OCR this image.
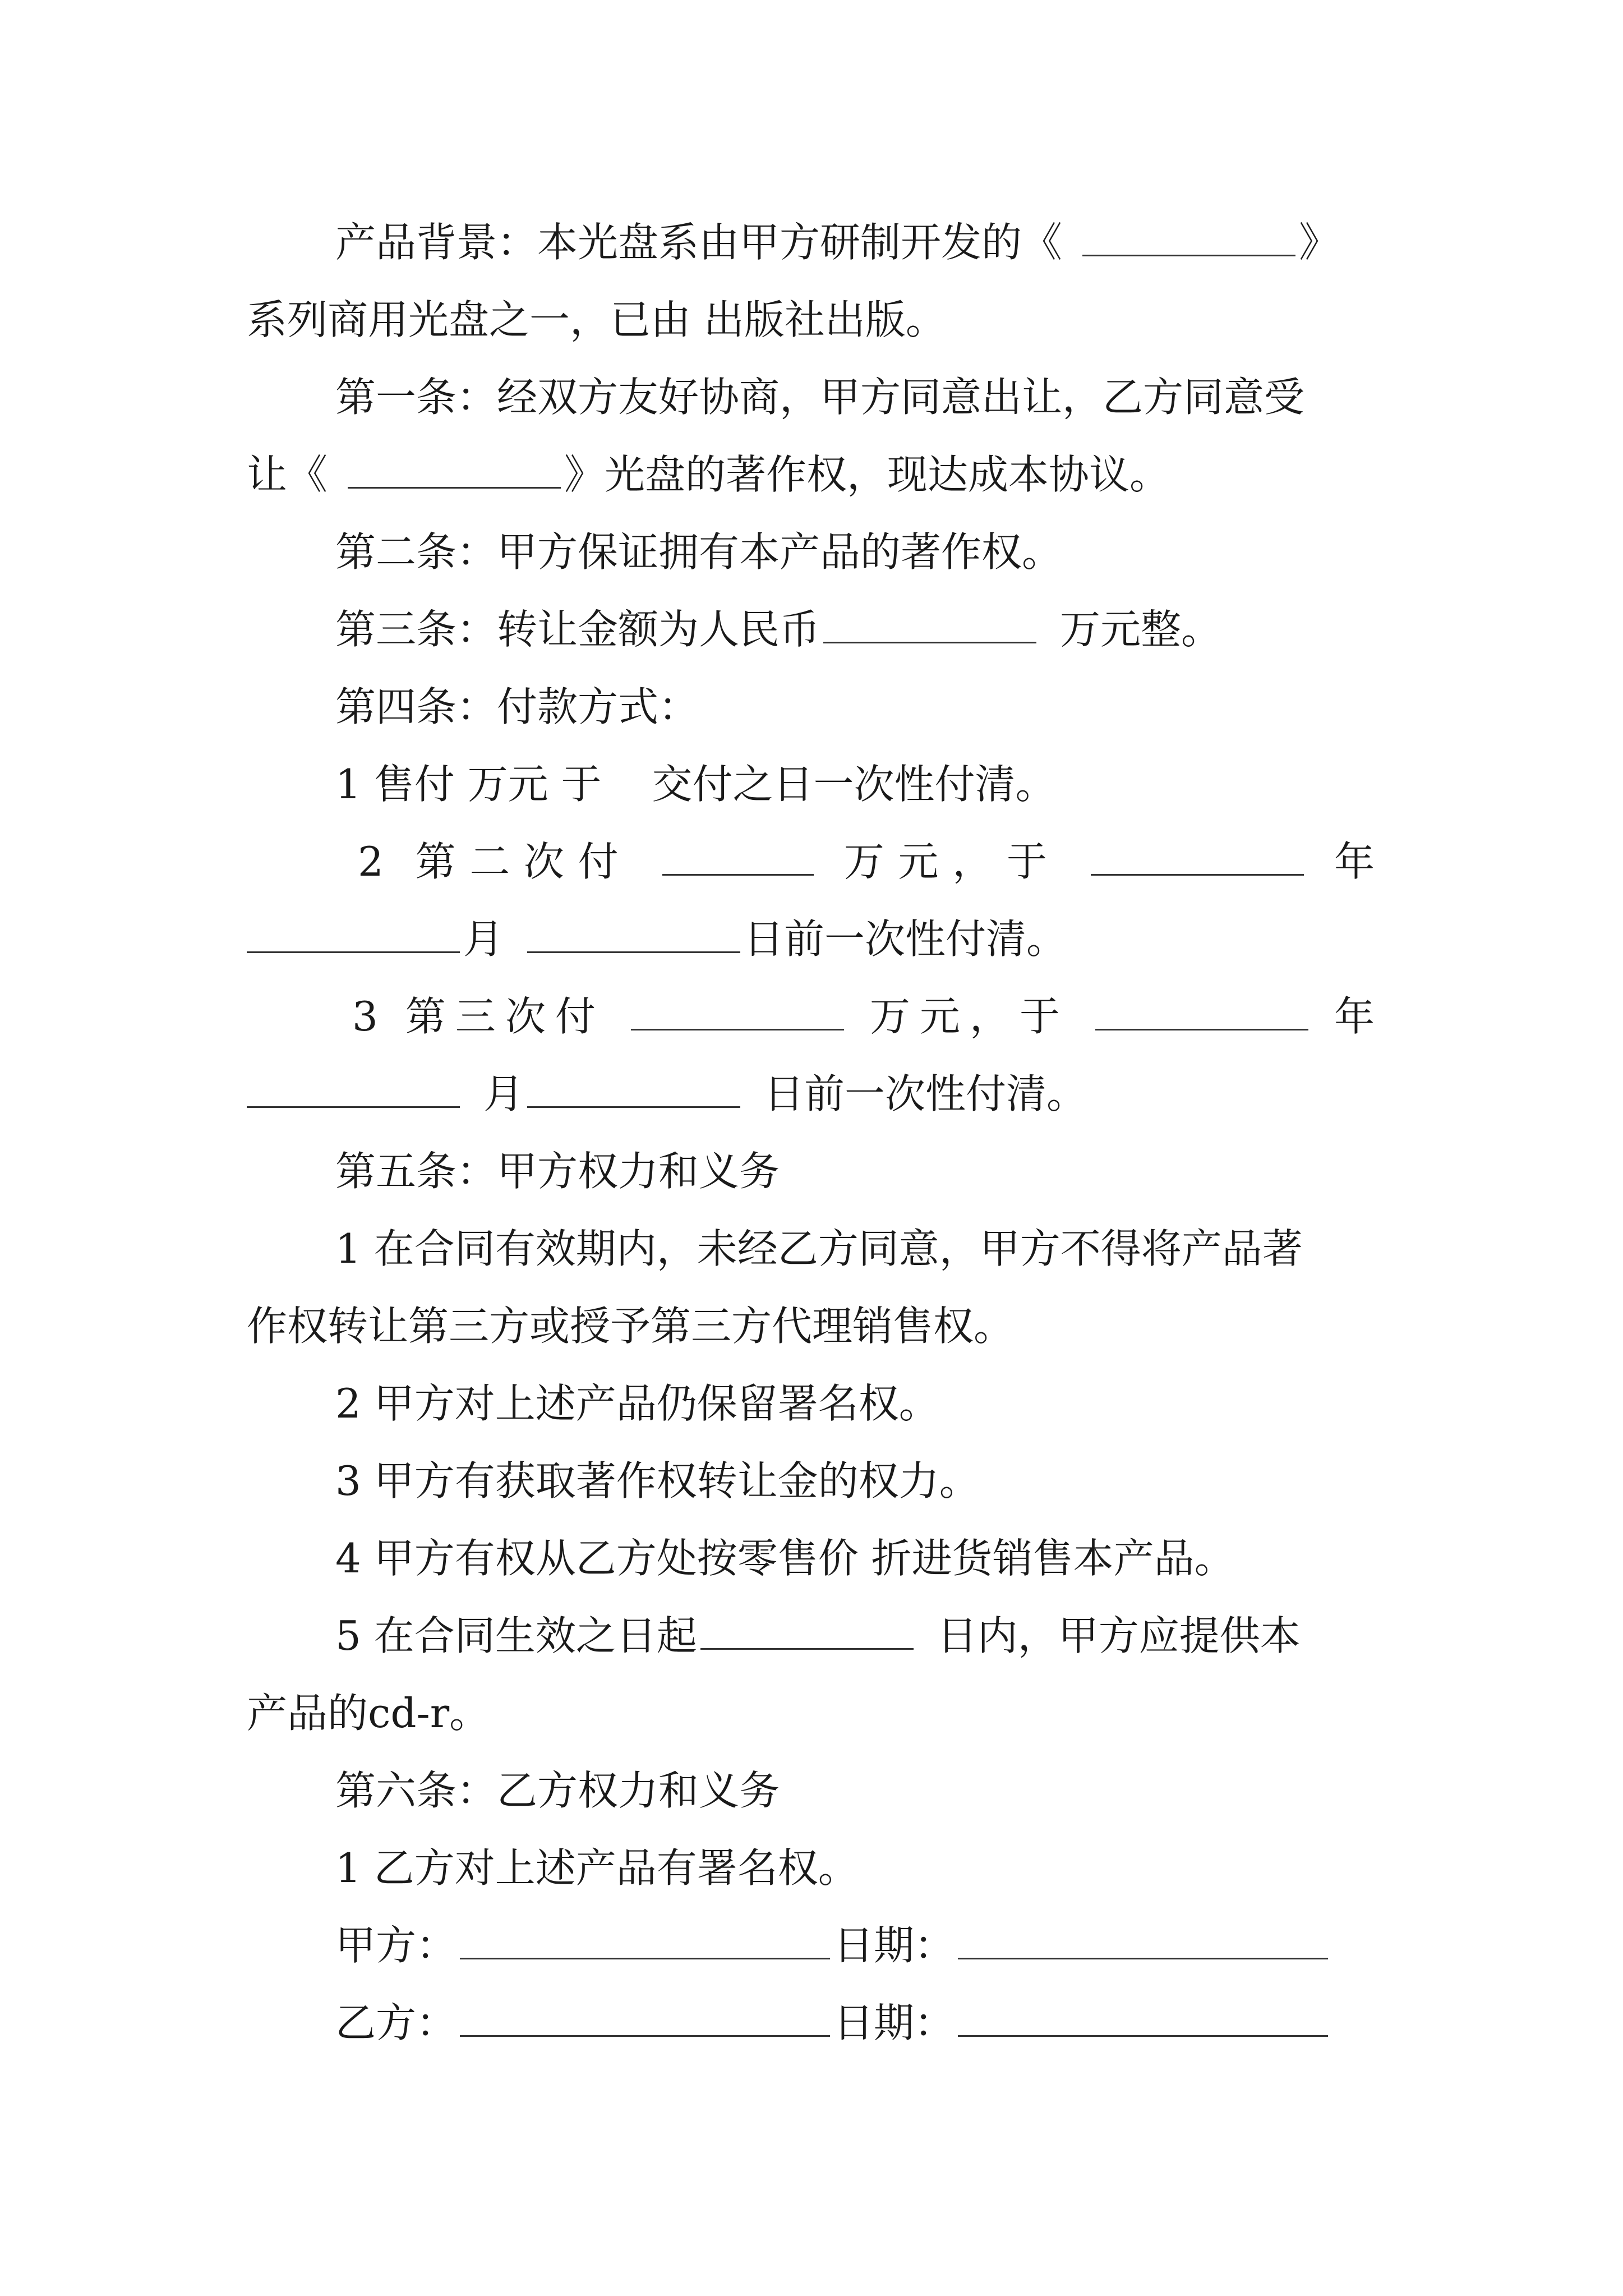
产品背景：本光盘系由甲方研制开发的《	》
系列商用光盘之一，已由 出版社出版。
第一条：经双方友好协商，甲方同意出让，乙方同意受
让《	》光盘的著作权，现达成本协议。
第二条：甲方保证拥有本产品的著作权。
第三条：转让金额为人民币	万元整。
第四条：付款方式：
1 售付 万元 于 交付之日一次性付清。
2 第二次付	万元，于	年
月	日前一次性付清。
3 第三次付	万元，于	年
月	日前一次性付清。
第五条：甲方权力和义务
1 在合同有效期内，未经乙方同意，甲方不得将产品著
作权转让第三方或授予第三方代理销售权。
2 甲方对上述产品仍保留署名权。
3 甲方有获取著作权转让金的权力。
4 甲方有权从乙方处按零售价 折进货销售本产品。
5 在合同生效之日起	日内，甲方应提供本
产品的cd-r。
第六条：乙方权力和义务
1 乙方对上述产品有署名权。
甲方：	日期：
乙方：	日期：
